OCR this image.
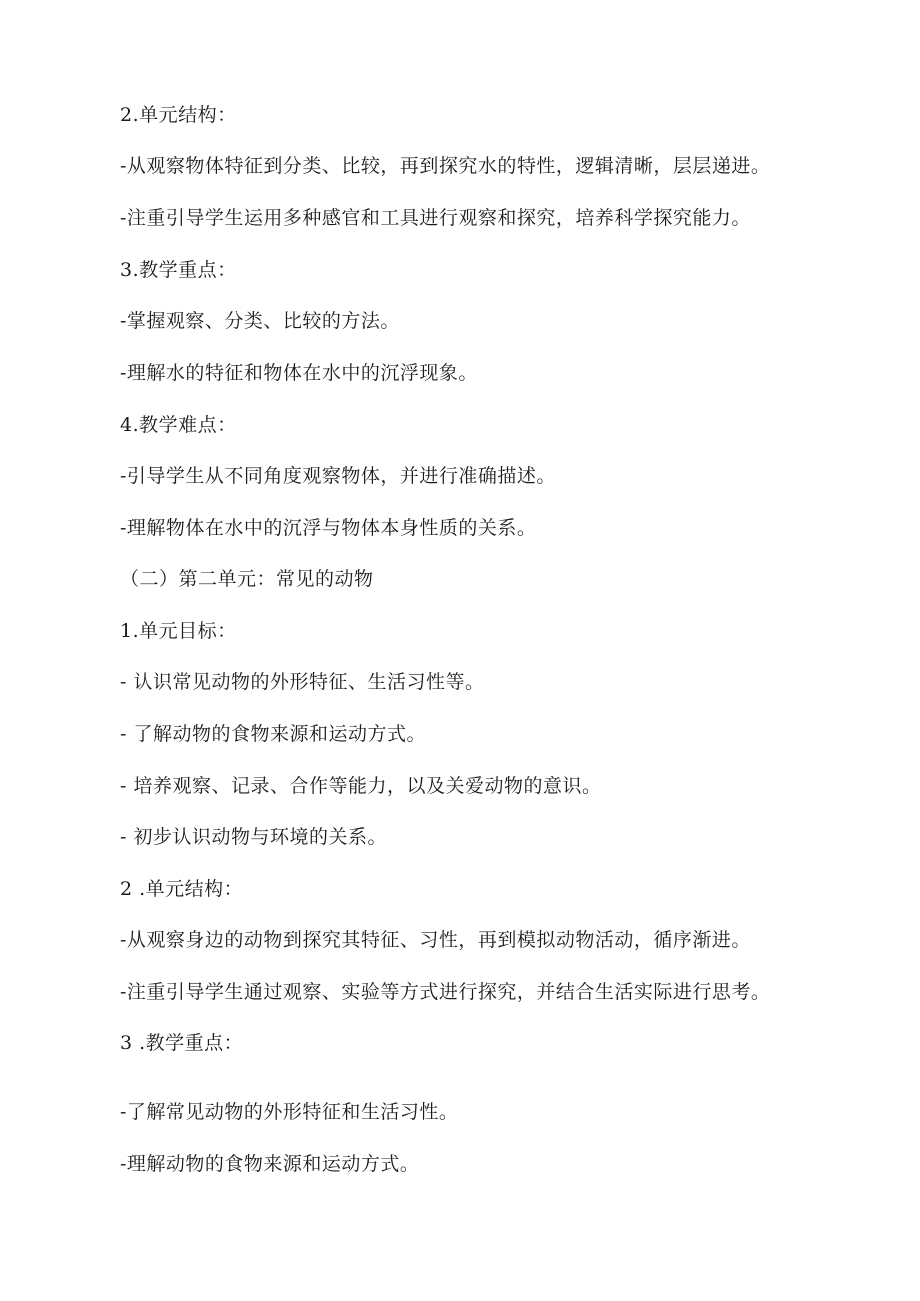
2.单元结构：
-从观察物体特征到分类、比较，再到探究水的特性，逻辑清晰，层层递进。
-注重引导学生运用多种感官和工具进行观察和探究，培养科学探究能力。
3.教学重点：
-掌握观察、分类、比较的方法。
-理解水的特征和物体在水中的沉浮现象。
4.教学难点：
-引导学生从不同角度观察物体，并进行准确描述。
-理解物体在水中的沉浮与物体本身性质的关系。
（二）第二单元：常见的动物
1.单元目标：
- 认识常见动物的外形特征、生活习性等。
- 了解动物的食物来源和运动方式。
- 培养观察、记录、合作等能力，以及关爱动物的意识。
- 初步认识动物与环境的关系。
2 .单元结构：
-从观察身边的动物到探究其特征、习性，再到模拟动物活动，循序渐进。
-注重引导学生通过观察、实验等方式进行探究，并结合生活实际进行思考。
3 .教学重点：
-了解常见动物的外形特征和生活习性。
-理解动物的食物来源和运动方式。
